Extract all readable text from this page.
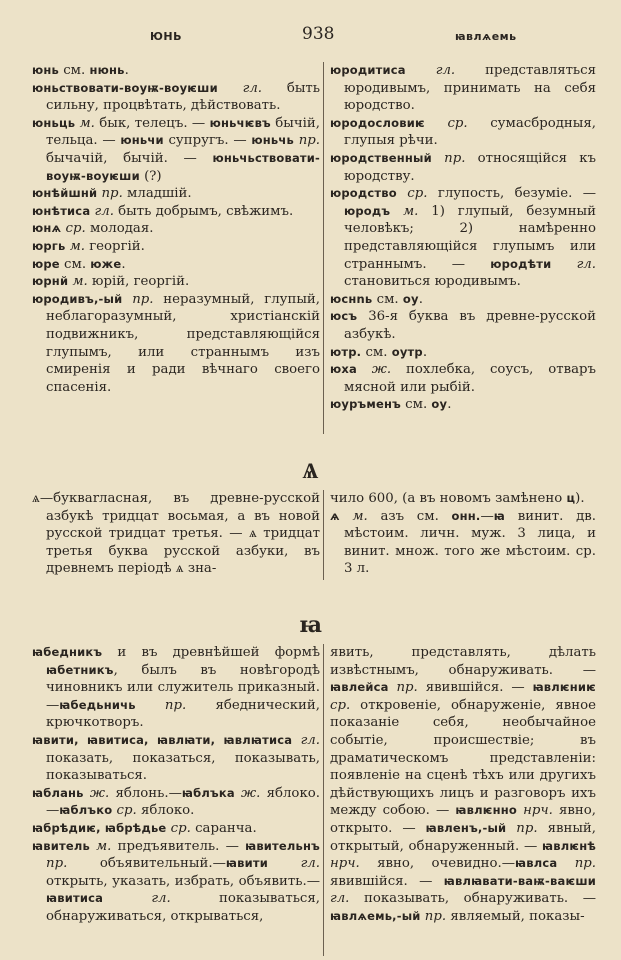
ЮНЬ	938	ꙗвлѧемь
юнь см. нюнь.
юньствовати-воуѭ-воуѥши гл. быть сильну, процвѣтать, дѣйствовать.
юньць м. бык, телецъ. — юньчѥвъ бычій, тельца. — юньчи супругъ. — юньчь пр. бычачій, бычій. — юньчьствовати-воуѭ-воуѥши (?)
юнѣйшнй пр. младшій.
юнѣтиса гл. быть добрымъ, свѣжимъ.
юнѧ ср. молодая.
юргь м. георгій.
юре см. юже.
юрнй м. юрій, георгій.
юродивъ,-ый пр. неразумный, глупый, неблагоразумный, христіанскій подвижникъ, представляющійся глупымъ, или страннымъ изъ смиренія и ради вѣчнаго своего спасенія.
юродитиса гл. представляться юродивымъ, принимать на себя юродство.
юродословиѥ ср. сумасбродныя, глупыя рѣчи.
юродственный пр. относящійся къ юродству.
юродство ср. глупость, безуміе. — юродъ м. 1) глупый, безумный человѣкъ; 2) намѣренно представляющійся глупымъ или страннымъ. — юродѣти гл. становиться юродивымъ.
юснnь см. оу.
юсъ 36-я буква въ древне-русской азбукѣ.
ютр. см. оутр.
юха ж. похлебка, соусъ, отваръ мясной или рыбій.
юуръменъ см. оу.
Ѧ
ѧ—букваrласная, въ древне-русской азбукѣ тридцат восьмая, а въ новой русской тридцат третья. — ѧ тридцат третья буква русской азбуки, въ древнемъ періодѣ ѧ зна-
чило 600, (а въ новомъ замѣнено ц).
ѧ м. азъ см. онн.—ꙗ винит. дв. мѣстоим. личн. муж. 3 лица, и винит. множ. того же мѣстоим. ср. 3 л.
ꙗ
ꙗбедникъ и въ древнѣйшей формѣ ꙗбетникъ, былъ въ новѣгородѣ чиновникъ или служитель приказный.—ꙗбедьничь пр. ябеднический, крючкотворъ.
ꙗвити, ꙗвитиса, ꙗвлꙗти, ꙗвлꙗтиса гл. показать, показаться, показывать, показываться.
ꙗблань ж. яблонь.—ꙗблъка ж. яблоко.—ꙗблъко ср. яблоко.
ꙗбрѣдиѥ, ꙗбрѣдье ср. саранча.
ꙗвитель м. предъявитель. — ꙗвительнъ пр. объявительный.—ꙗвити гл. открыть, указать, избрать, объявить.—ꙗвитиса гл. показываться, обнаруживаться, открываться,
явить, представлять, дѣлать извѣстнымъ, обнаруживать. — ꙗвлейса пр. явившійся. — ꙗвлѥниѥ ср. откровеніе, обнаруженіе, явное показаніе себя, необычайное событіе, происшествіе; въ драматическомъ представленіи: появленіе на сценѣ тѣхъ или другихъ дѣйствующихъ лицъ и разговоръ ихъ между собою. — ꙗвлѥнно нрч. явно, открыто. — ꙗвленъ,-ый пр. явный, открытый, обнаруженный. — ꙗвлѥнѣ нрч. явно, очевидно.—ꙗвлса пр. явившійся. — ꙗвлꙗвати-ваѭ-ваѥши гл. показывать, обнаруживать. — ꙗвлѧемь,-ый пр. являемый, показы-
